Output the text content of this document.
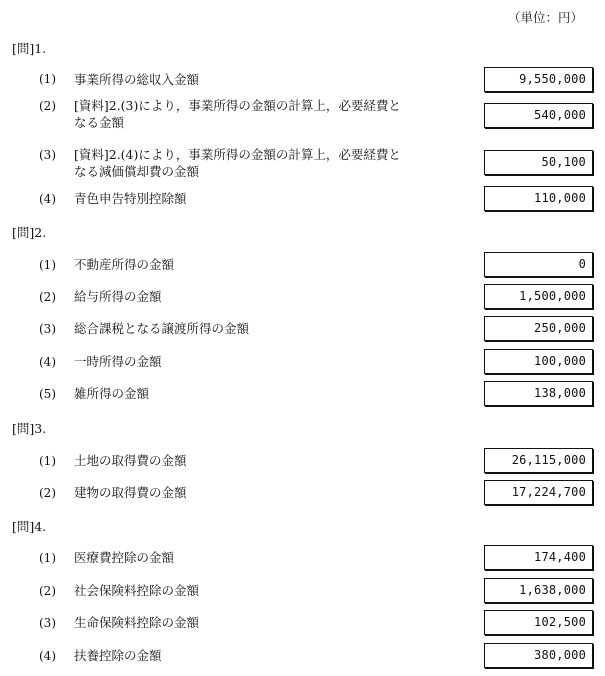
（単位：円）
[問]1.
(1) 事業所得の総収入金額	9,550,000
(2) [資料]2.(3)により，事業所得の金額の計算上，必要経費と
なる金額	540,000
(3) [資料]2.(4)により，事業所得の金額の計算上，必要経費と
なる減価償却費の金額
50,100
(4) 青色申告特別控除額	110,000
[問]2.
(1) 不動産所得の金額	0
(2) 給与所得の金額	1,500,000
(3) 総合課税となる譲渡所得の金額	250,000
(4) 一時所得の金額	100,000
(5) 雑所得の金額	138,000
[問]3.
(1) 土地の取得費の金額	26,115,000
(2) 建物の取得費の金額	17,224,700
[問]4.
(1) 医療費控除の金額	174,400
(2) 社会保険料控除の金額	1,638,000
(3) 生命保険料控除の金額	102,500
(4) 扶養控除の金額	380,000
